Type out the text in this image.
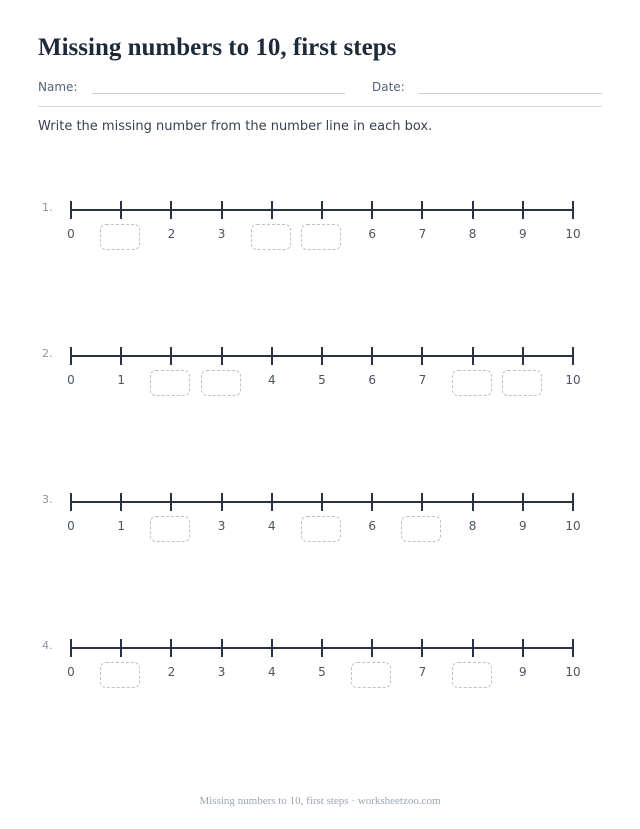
Missing numbers to 10, first steps
Name:	Date:

Write the missing number from the number line in each box.

1.
0	2	3	6	7	8	9	10
2.
0	1	4	5	6	7	10
3.
0	1	3	4	6	8	9	10
4.
0	2	3	4	5	7	9	10

Missing numbers to 10, first steps · worksheetzoo.com
